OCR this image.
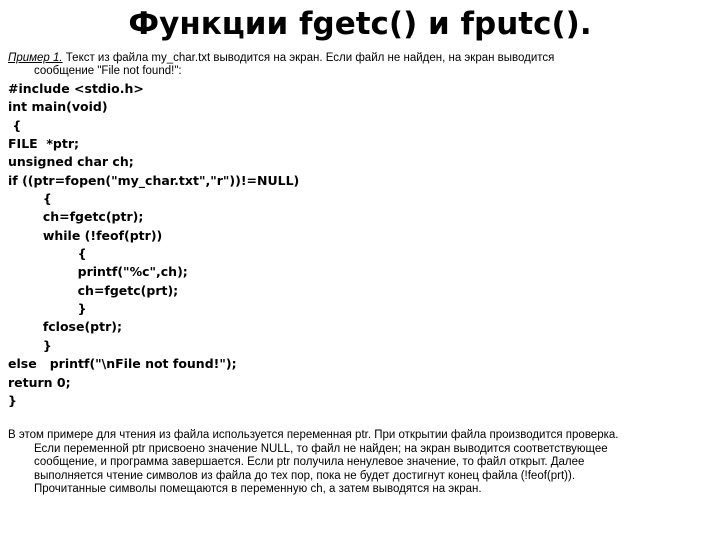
Функции fgetc() и fputc().
Пример 1. Текст из файла my_char.txt выводится на экран. Если файл не найден, на экран выводится
сообщение "File not found!":
#include <stdio.h>
int main(void)
{
FILE  *ptr;
unsigned char ch;
if ((ptr=fopen("my_char.txt","r"))!=NULL)
{
ch=fgetc(ptr);
while (!feof(ptr))
{
printf("%c",ch);
ch=fgetc(prt);
}
fclose(ptr);
}
else   printf("\nFile not found!");
return 0;
}
В этом примере для чтения из файла используется переменная ptr. При открытии файла производится проверка.
Если переменной ptr присвоено значение NULL, то файл не найден; на экран выводится соответствующее
сообщение, и программа завершается. Если ptr получила ненулевое значение, то файл открыт. Далее
выполняется чтение символов из файла до тех пор, пока не будет достигнут конец файла (!feof(prt)).
Прочитанные символы помещаются в переменную ch, а затем выводятся на экран.
